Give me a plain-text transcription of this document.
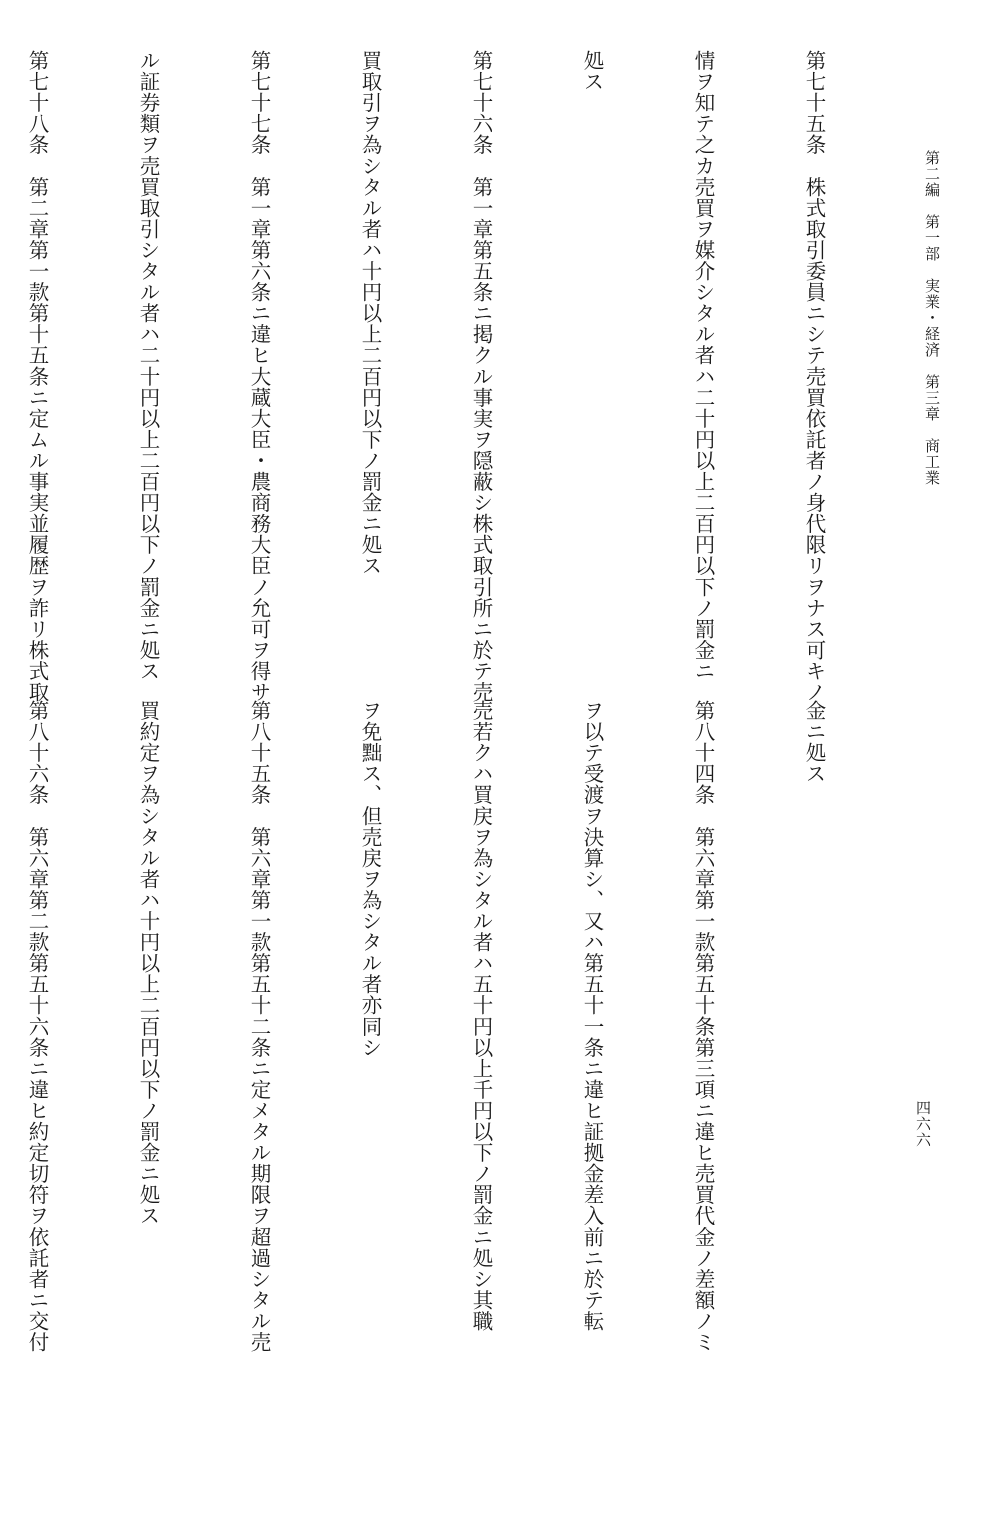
第二編　第一部　実業・経済　第三章　商工業
四六六

第七十五条　株式取引委員ニシテ売買依託者ノ身代限リヲナス可キノ

情ヲ知テ之カ売買ヲ媒介シタル者ハ二十円以上二百円以下ノ罰金ニ

処ス

第七十六条　第一章第五条ニ掲クル事実ヲ隠蔽シ株式取引所ニ於テ売

買取引ヲ為シタル者ハ十円以上二百円以下ノ罰金ニ処ス

第七十七条　第一章第六条ニ違ヒ大蔵大臣・農商務大臣ノ允可ヲ得サ

ル証券類ヲ売買取引シタル者ハ二十円以上二百円以下ノ罰金ニ処ス

第七十八条　第二章第一款第十五条ニ定ムル事実並履歴ヲ詐リ株式取

金ニ処ス

第八十四条　第六章第一款第五十条第三項ニ違ヒ売買代金ノ差額ノミ

ヲ以テ受渡ヲ決算シ、又ハ第五十一条ニ違ヒ証拠金差入前ニ於テ転

売若クハ買戻ヲ為シタル者ハ五十円以上千円以下ノ罰金ニ処シ其職

ヲ免黜ス、但売戻ヲ為シタル者亦同シ

第八十五条　第六章第一款第五十二条ニ定メタル期限ヲ超過シタル売

買約定ヲ為シタル者ハ十円以上二百円以下ノ罰金ニ処ス

第八十六条　第六章第二款第五十六条ニ違ヒ約定切符ヲ依託者ニ交付
